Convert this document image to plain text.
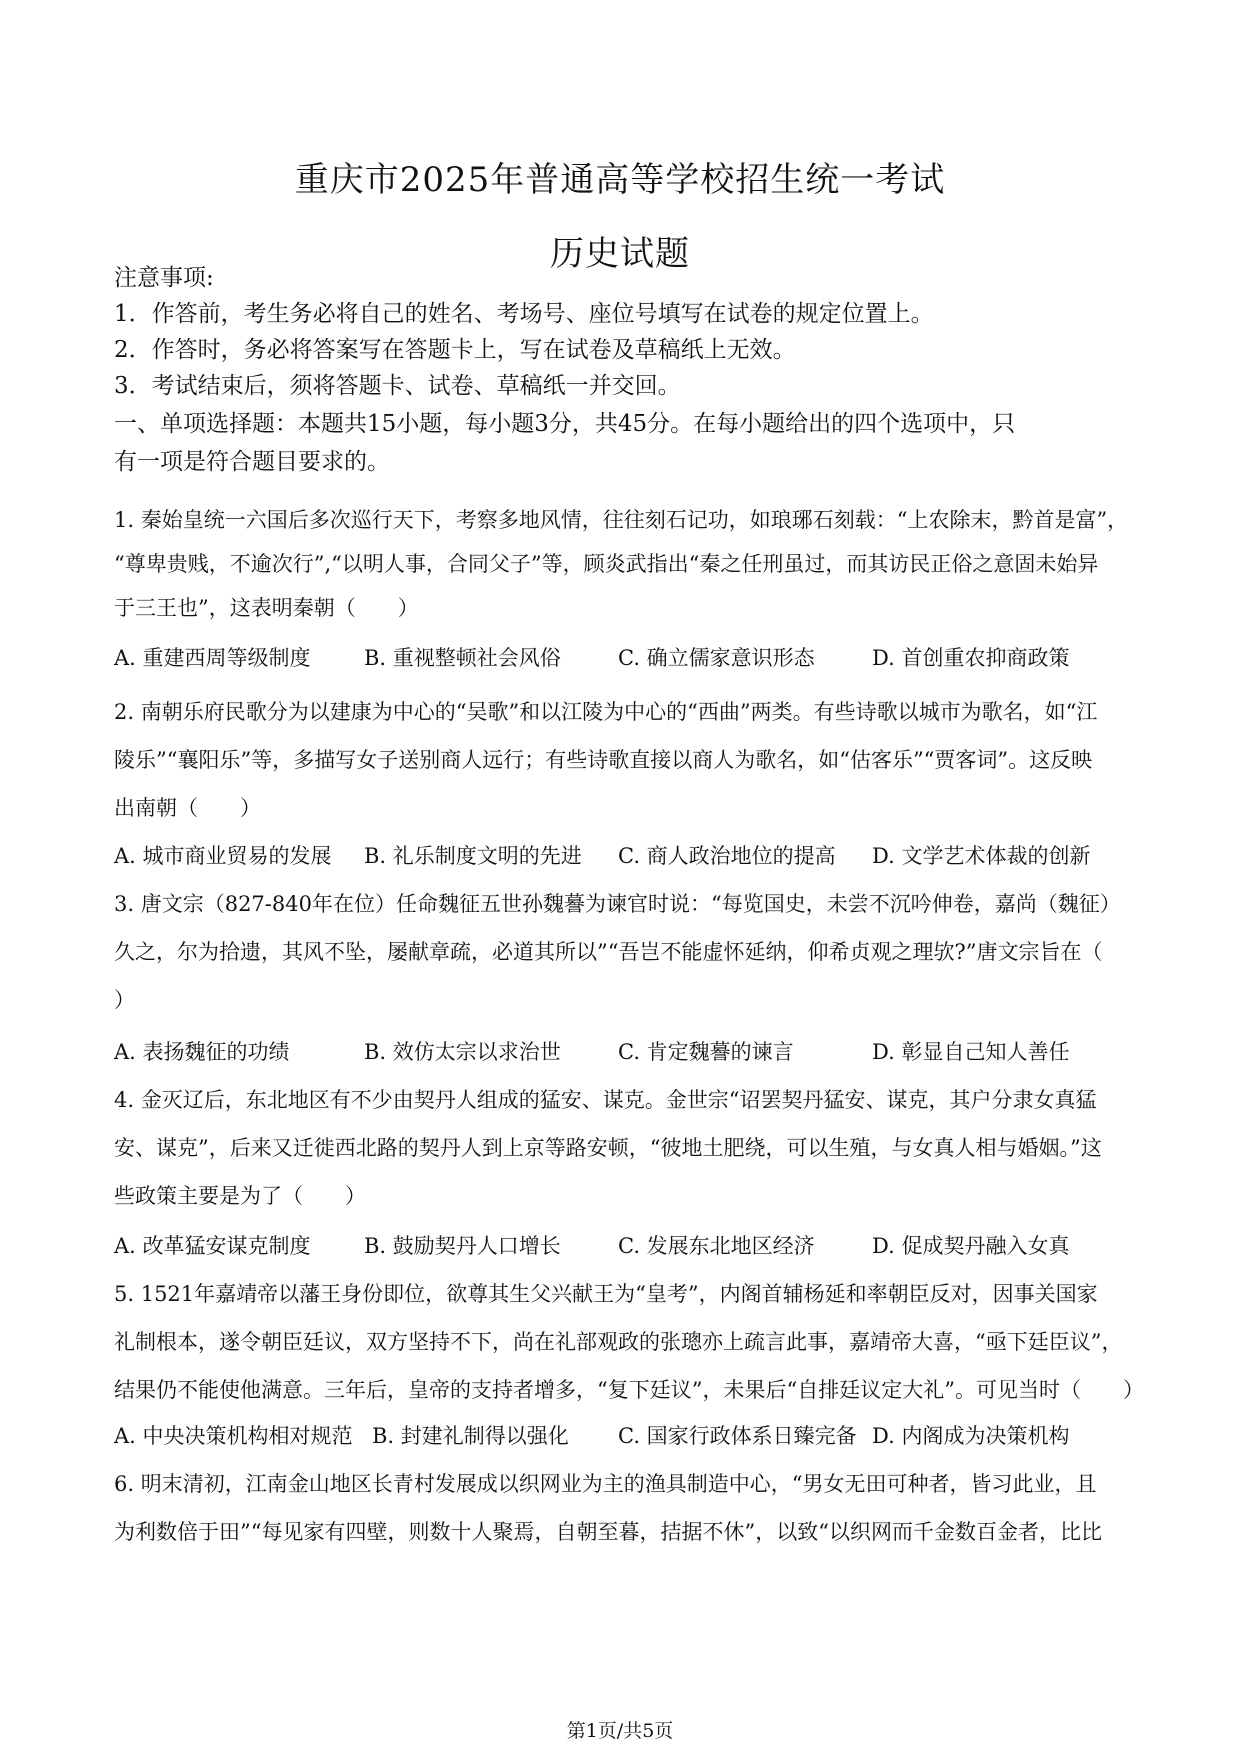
重庆市2025年普通高等学校招生统一考试
历史试题
注意事项:
1．作答前，考生务必将自己的姓名、考场号、座位号填写在试卷的规定位置上。
2．作答时，务必将答案写在答题卡上，写在试卷及草稿纸上无效。
3．考试结束后，须将答题卡、试卷、草稿纸一并交回。
一、单项选择题：本题共15小题，每小题3分，共45分。在每小题给出的四个选项中，只
有一项是符合题目要求的。
1. 秦始皇统一六国后多次巡行天下，考察多地风情，往往刻石记功，如琅琊石刻载：“上农除末，黔首是富”，
“尊卑贵贱，不逾次行”,“以明人事，合同父子”等，顾炎武指出“秦之任刑虽过，而其访民正俗之意固未始异
于三王也”，这表明秦朝（　　）
A. 重建西周等级制度	B. 重视整顿社会风俗	C. 确立儒家意识形态	D. 首创重农抑商政策
2. 南朝乐府民歌分为以建康为中心的“吴歌”和以江陵为中心的“西曲”两类。有些诗歌以城市为歌名，如“江
陵乐”“襄阳乐”等，多描写女子送别商人远行；有些诗歌直接以商人为歌名，如“估客乐”“贾客词”。这反映
出南朝（　　）
A. 城市商业贸易的发展 B. 礼乐制度文明的先进 C. 商人政治地位的提高 D. 文学艺术体裁的创新
3. 唐文宗（827-840年在位）任命魏征五世孙魏謩为谏官时说：“每览国史，未尝不沉吟伸卷，嘉尚（魏征）
久之，尔为拾遗，其风不坠，屡献章疏，必道其所以”“吾岂不能虚怀延纳，仰希贞观之理欤?”唐文宗旨在（
）
A. 表扬魏征的功绩	B. 效仿太宗以求治世	C. 肯定魏謩的谏言	D. 彰显自己知人善任
4. 金灭辽后，东北地区有不少由契丹人组成的猛安、谋克。金世宗“诏罢契丹猛安、谋克，其户分隶女真猛
安、谋克”，后来又迁徙西北路的契丹人到上京等路安顿，“彼地土肥绕，可以生殖，与女真人相与婚姻。”这
些政策主要是为了（　　）
A. 改革猛安谋克制度	B. 鼓励契丹人口增长	C. 发展东北地区经济	D. 促成契丹融入女真
5. 1521年嘉靖帝以藩王身份即位，欲尊其生父兴献王为“皇考”，内阁首辅杨延和率朝臣反对，因事关国家
礼制根本，遂令朝臣廷议，双方坚持不下，尚在礼部观政的张璁亦上疏言此事，嘉靖帝大喜，“亟下廷臣议”，
结果仍不能使他满意。三年后，皇帝的支持者增多，“复下廷议”，未果后“自排廷议定大礼”。可见当时（　　）
A. 中央决策机构相对规范 B. 封建礼制得以强化 C. 国家行政体系日臻完备 D. 内阁成为决策机构
6. 明末清初，江南金山地区长青村发展成以织网业为主的渔具制造中心，“男女无田可种者，皆习此业，且
为利数倍于田”“每见家有四壁，则数十人聚焉，自朝至暮，拮据不休”，以致“以织网而千金数百金者，比比
第1页/共5页
